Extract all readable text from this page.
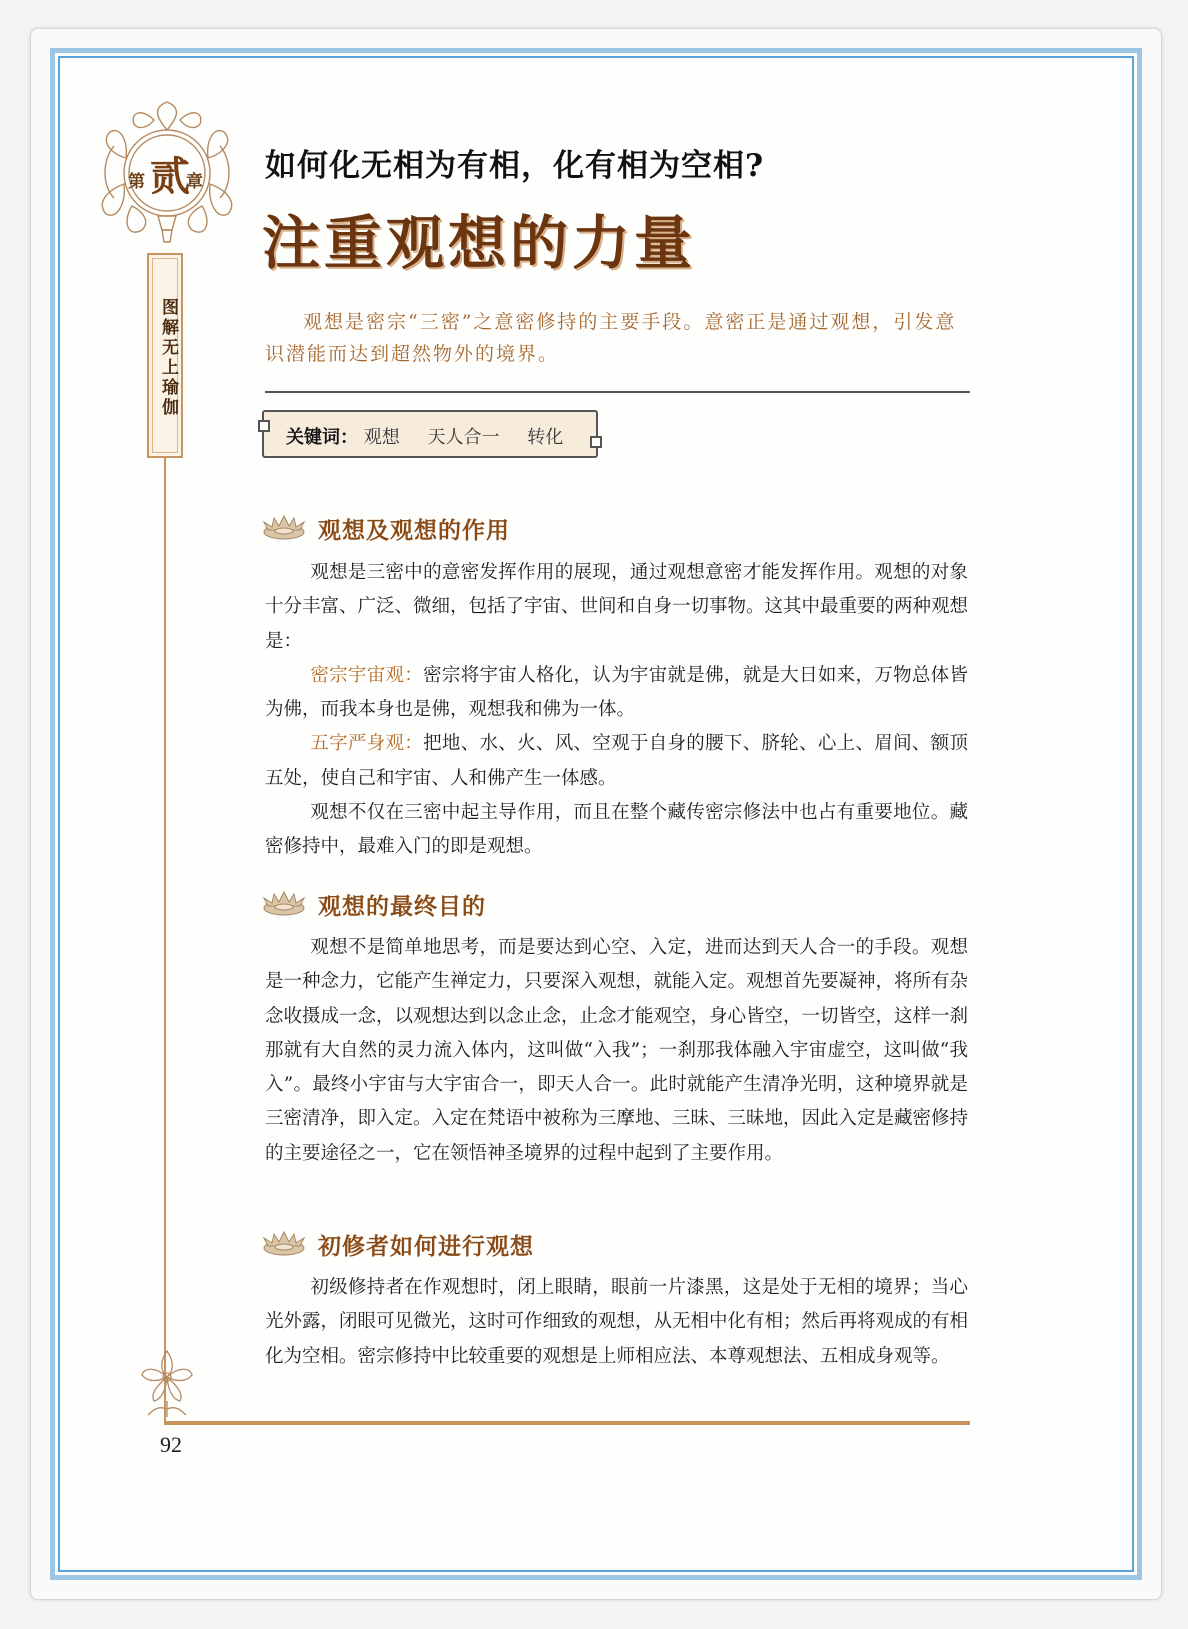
第 贰
章
图解无上瑜伽
如何化无相为有相，化有相为空相?
注重观想的力量

观想是密宗“三密”之意密修持的主要手段。意密正是通过观想，引发意识潜能而达到超然物外的境界。

关键词： 观想 天人合一 转化
观想及观想的作用

观想是三密中的意密发挥作用的展现，通过观想意密才能发挥作用。观想的对象十分丰富、广泛、微细，包括了宇宙、世间和自身一切事物。这其中最重要的两种观想是：

密宗宇宙观：密宗将宇宙人格化，认为宇宙就是佛，就是大日如来，万物总体皆为佛，而我本身也是佛，观想我和佛为一体。

五字严身观：把地、水、火、风、空观于自身的腰下、脐轮、心上、眉间、额顶五处，使自己和宇宙、人和佛产生一体感。

观想不仅在三密中起主导作用，而且在整个藏传密宗修法中也占有重要地位。藏密修持中，最难入门的即是观想。

观想的最终目的

观想不是简单地思考，而是要达到心空、入定，进而达到天人合一的手段。观想是一种念力，它能产生禅定力，只要深入观想，就能入定。观想首先要凝神，将所有杂念收摄成一念，以观想达到以念止念，止念才能观空，身心皆空，一切皆空，这样一刹那就有大自然的灵力流入体内，这叫做“入我”；一刹那我体融入宇宙虚空，这叫做“我入”。最终小宇宙与大宇宙合一，即天人合一。此时就能产生清净光明，这种境界就是三密清净，即入定。入定在梵语中被称为三摩地、三昧、三昧地，因此入定是藏密修持的主要途径之一，它在领悟神圣境界的过程中起到了主要作用。

初修者如何进行观想

初级修持者在作观想时，闭上眼睛，眼前一片漆黑，这是处于无相的境界；当心光外露，闭眼可见微光，这时可作细致的观想，从无相中化有相；然后再将观成的有相化为空相。密宗修持中比较重要的观想是上师相应法、本尊观想法、五相成身观等。

92
